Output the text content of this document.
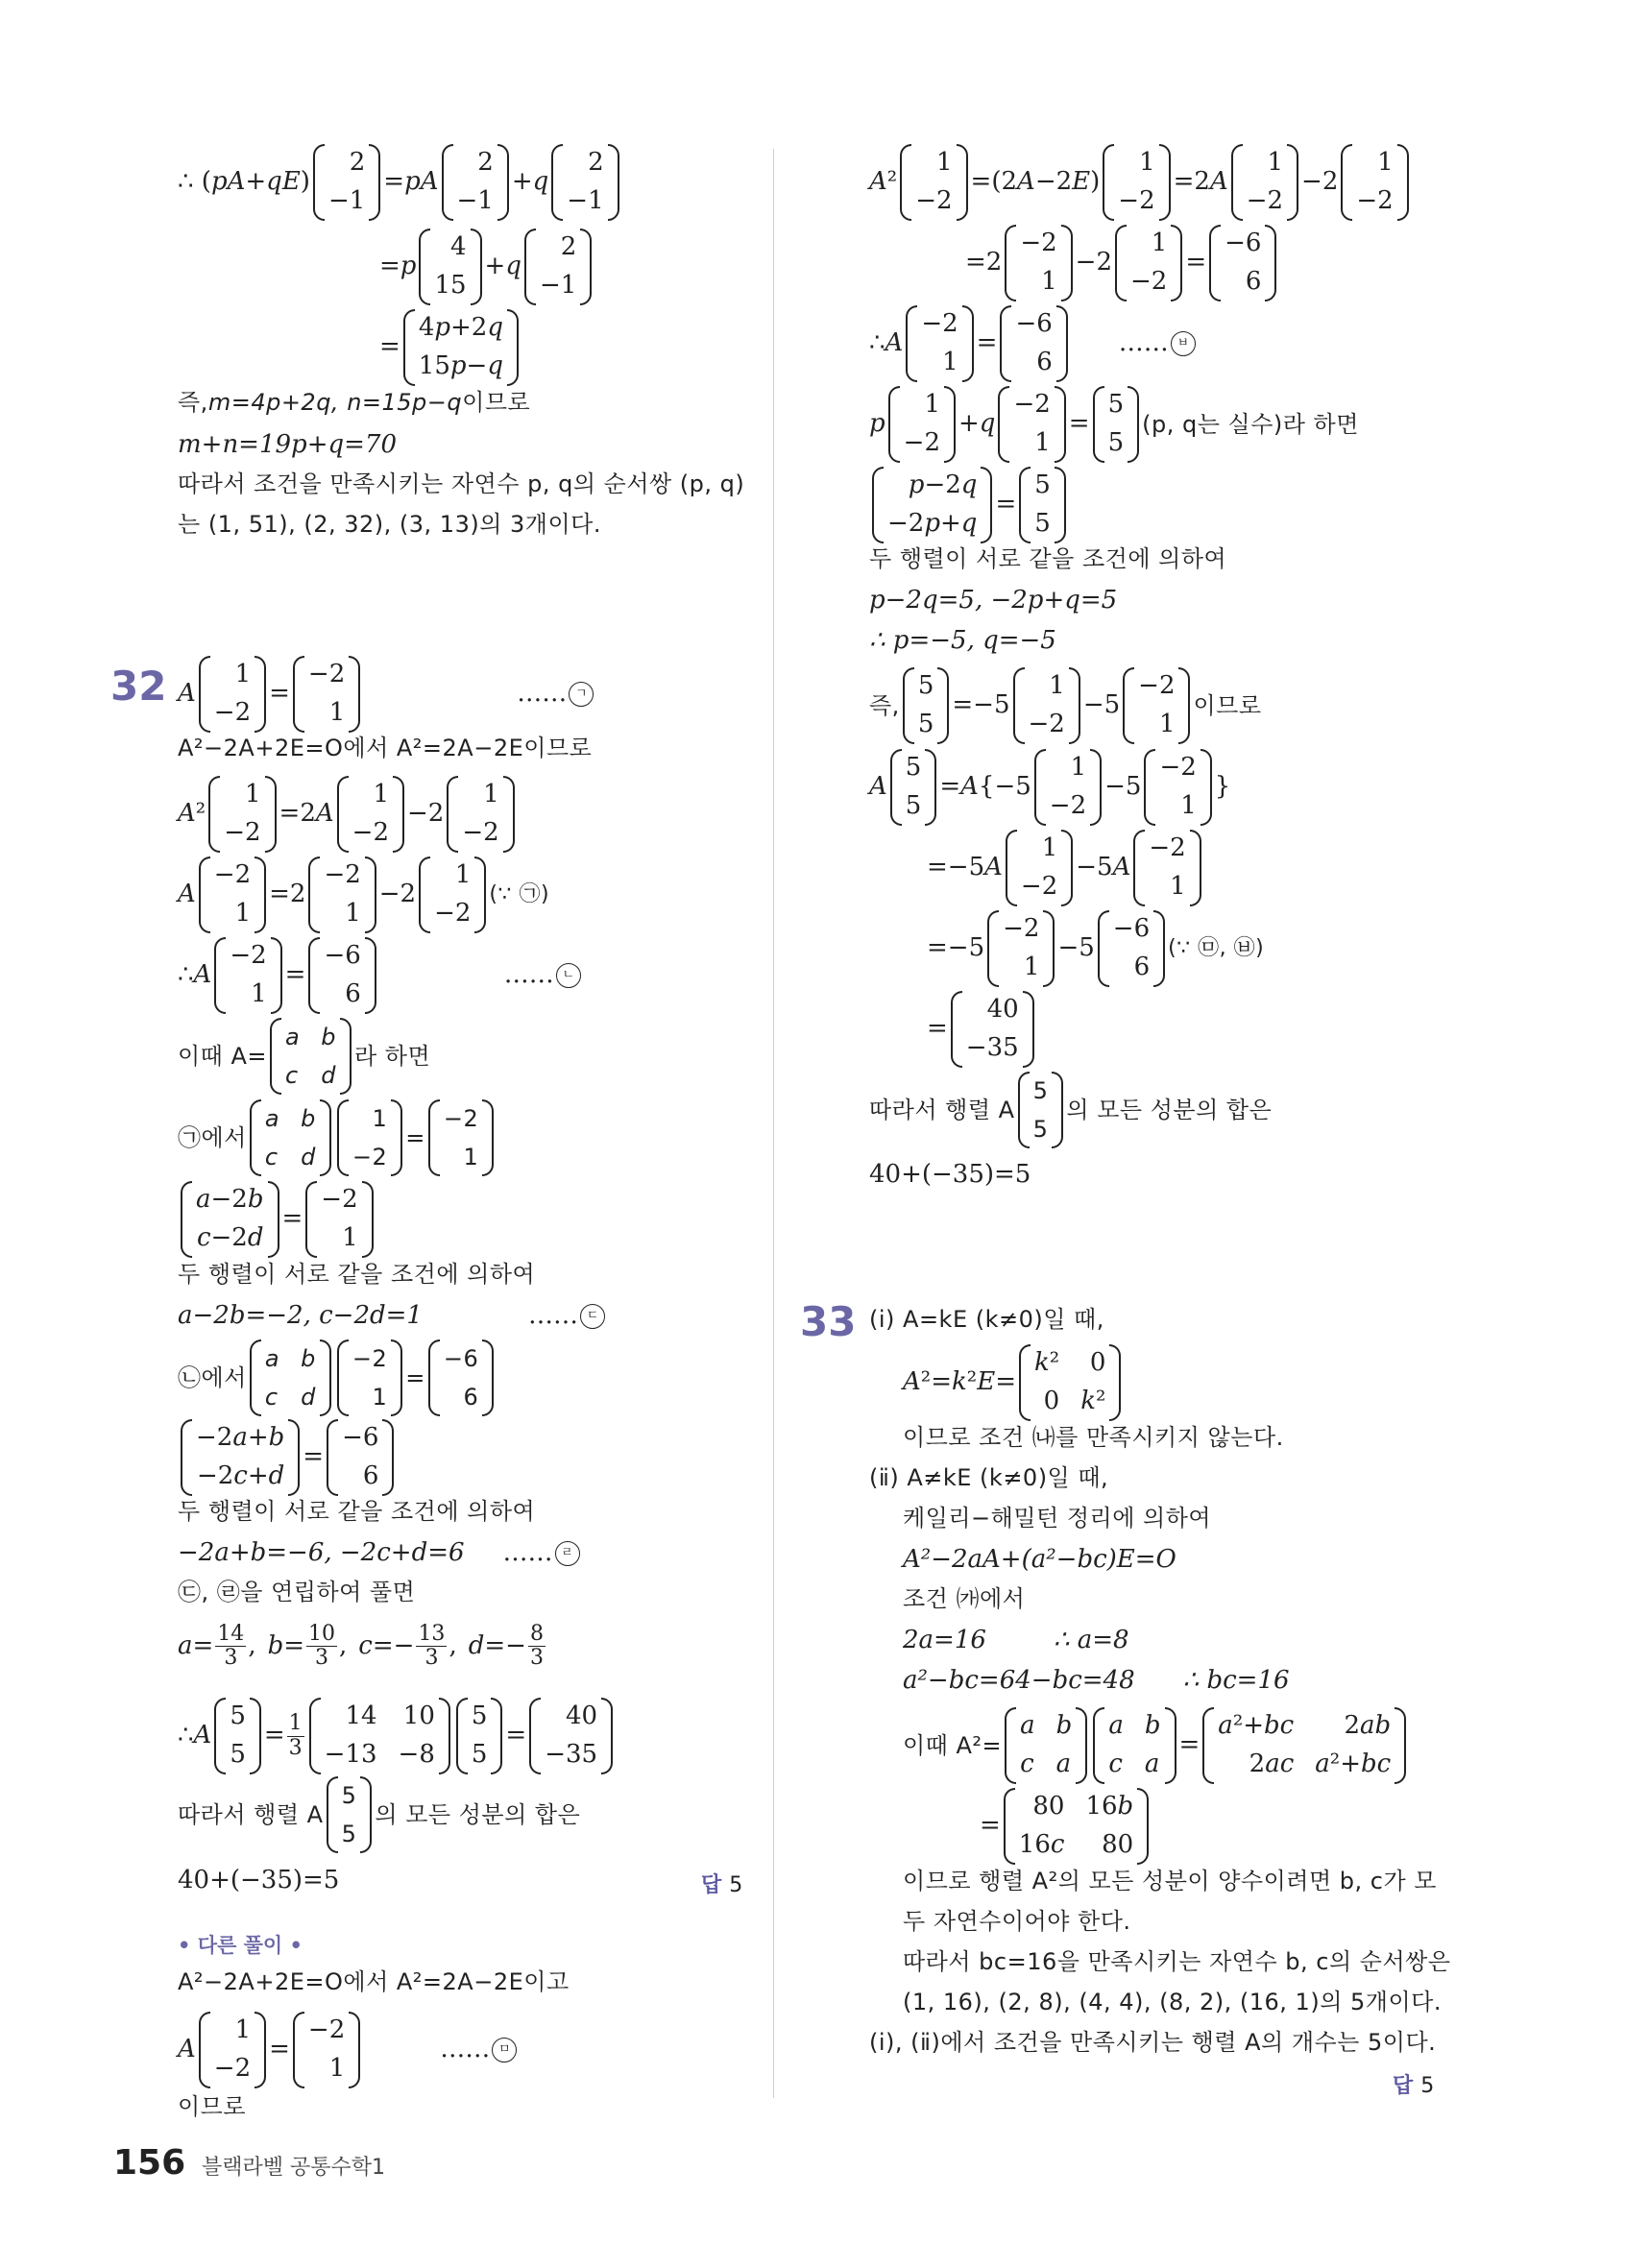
∴ ( pA + qE )
2
−1
= pA
2
−1
+ q
2
−1
= p
4
15
+ q
2
−1
=
4p+2q
15p−q
즉, m=4p+2q, n=15p−q 이므로
m+n=19p+q=70
따라서 조건을 만족시키는 자연수 p, q의 순서쌍 (p, q)
는 (1, 51), (2, 32), (3, 13)의 3개이다.
32 A
1
−2
=
−2
1
…… ㄱ
A²−2A+2E=O에서 A²=2A−2E이므로
A ²
1
−2
=2 A
1
−2
−2
1
−2
A
−2
1
=2
−2
1
−2
1
−2
(∵ ㉠)
∴ A
−2
1
=
−6
6
…… ㄴ
이때 A=
a b
c d
라 하면
㉠에서
a b
c d
1
−2
=
−2
1
a−2b
c−2d
=
−2
1
두 행렬이 서로 같을 조건에 의하여
a−2b=−2, c−2d=1	…… ㄷ
㉡에서
a b
c d
−2
1
=
−6
6
−2a+b
−2c+d
=
−6
6
두 행렬이 서로 같을 조건에 의하여
−2a+b=−6, −2c+d=6 …… ㄹ
㉢, ㉣을 연립하여 풀면
a = 14
3 , b = 10
3 , c =− 13
3 , d =− 8
3
∴ A
5
5
= 1
3
14 10
−13 −8
5
5
=
40
−35
따라서 행렬 A
5
5
의 모든 성분의 합은
40+(−35)=5	답 5
• 다른 풀이 •
A²−2A+2E=O에서 A²=2A−2E이고
A
1
−2
=
−2
1
…… ㅁ
이므로
A ²
1
−2
=(2 A −2 E )
1
−2
=2 A
1
−2
−2
1
−2
=2
−2
1
−2
1
−2
=
−6
6
∴ A
−2
1
=
−6
6
…… ㅂ
p
1
−2
+ q
−2
1
=
5
5
(p, q는 실수)라 하면
p−2q
−2p+q
=
5
5
두 행렬이 서로 같을 조건에 의하여
p−2q=5, −2p+q=5
∴ p=−5, q=−5
즉,
5
5
=−5
1
−2
−5
−2
1
이므로
A
5
5
= A {−5
1
−2
−5
−2
1
}
=−5 A
1
−2
−5 A
−2
1
=−5
−2
1
−5
−6
6
(∵ ㉤, ㉥)
=
40
−35
따라서 행렬 A
5
5
의 모든 성분의 합은
40+(−35)=5
33 (ⅰ) A=kE (k≠0)일 때,
A ²= k ² E =
k²	0
0 k²
이므로 조건 ㈏를 만족시키지 않는다.
(ⅱ) A≠kE (k≠0)일 때,
케일리−해밀턴 정리에 의하여
A²−2aA+(a²−bc)E=O
조건 ㈎에서
2a=16	∴ a=8
a²−bc=64−bc=48 ∴ bc=16
이때 A²=
a b
c a
a b
c a
=
a²+bc	2ab
2ac a²+bc
=
80 16b
16c	80
이므로 행렬 A²의 모든 성분이 양수이려면 b, c가 모
두 자연수이어야 한다.
따라서 bc=16을 만족시키는 자연수 b, c의 순서쌍은
(1, 16), (2, 8), (4, 4), (8, 2), (16, 1)의 5개이다.
(ⅰ), (ⅱ)에서 조건을 만족시키는 행렬 A의 개수는 5이다.
답 5
156 블랙라벨 공통수학1
